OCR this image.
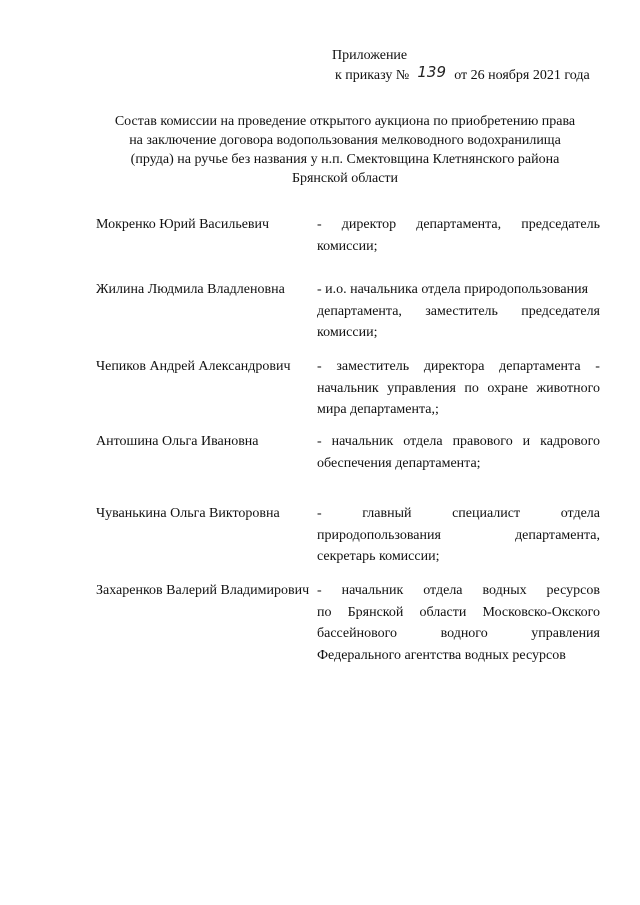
Приложение
к приказу № 139 от 26 ноября 2021 года
Состав комиссии на проведение открытого аукциона по приобретению права
на заключение договора водопользования мелководного водохранилища
(пруда) на ручье без названия у н.п. Смектовщина Клетнянского района
Брянской области
Мокренко Юрий Васильевич	- директор департамента, председатель
комиссии;
Жилина Людмила Владленовна - и.о. начальника отдела природопользования
департамента, заместитель председателя
комиссии;
Чепиков Андрей Александрович - заместитель директора департамента -
начальник управления по охране животного
мира департамента,;
Антошина Ольга Ивановна	- начальник отдела правового и кадрового
обеспечения департамента;
Чуванькина Ольга Викторовна	-	главный	специалист	отдела
природопользования	департамента,
секретарь комиссии;
Захаренков Валерий Владимирович - начальник отдела водных ресурсов
по Брянской области Московско-Окского
бассейнового	водного	управления
Федерального агентства водных ресурсов
